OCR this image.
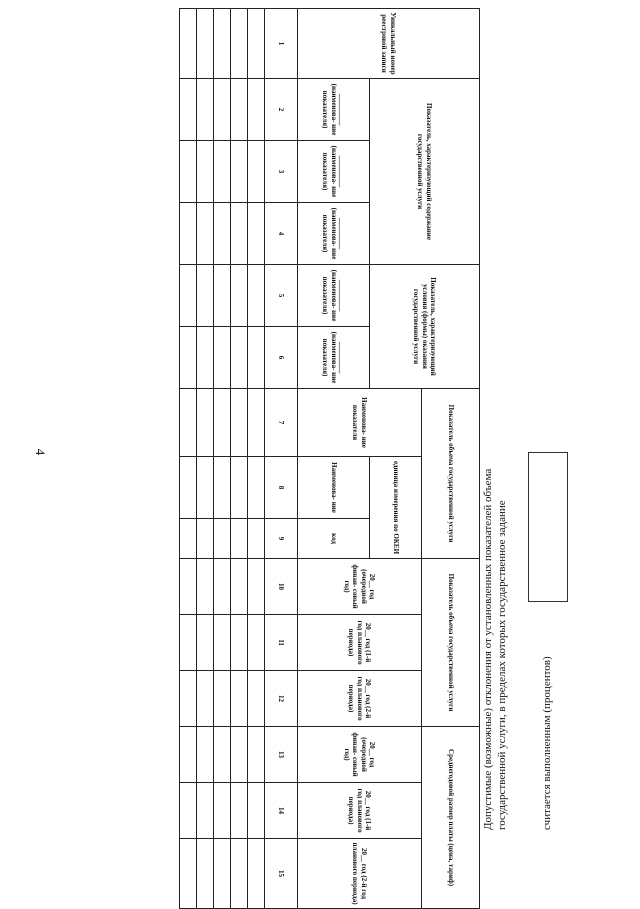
4
Уникальный номер реестровой записи	Показатель, характеризующий содержание государственной услуги			Показатель, характеризующий условия (формы) оказания государственной услуги		Показатель объема государственной услуги			Показатель объема государственной услуги			Среднегодовой размер платы (цена, тариф)		
						Наименова- ние показателя	единица измерения по ОКЕИ		20__ год (очередной финан- совый год)	20__ год (1-й год планового периода)	20__ год (2-й год планового периода)	20__ год (очередной финан- совый год)	20__ год (1-й год планового периода)	20__ год (2-й год планового периода)
	_________ (наименова- ние показателя)	_________ (наименова- ние показателя)	_________ (наименова- ние показателя)	_________ (наименова- ние показателя)	_________ (наименова- ние показателя)		Наименова- ние	код						
1	2	3	4	5	6	7	8	9	10	11	12	13	14	15

Допустимые (возможные) отклонения от установленных показателей объема государственной услуги, в пределах которых государственное задание	считается выполненным (процентов)
